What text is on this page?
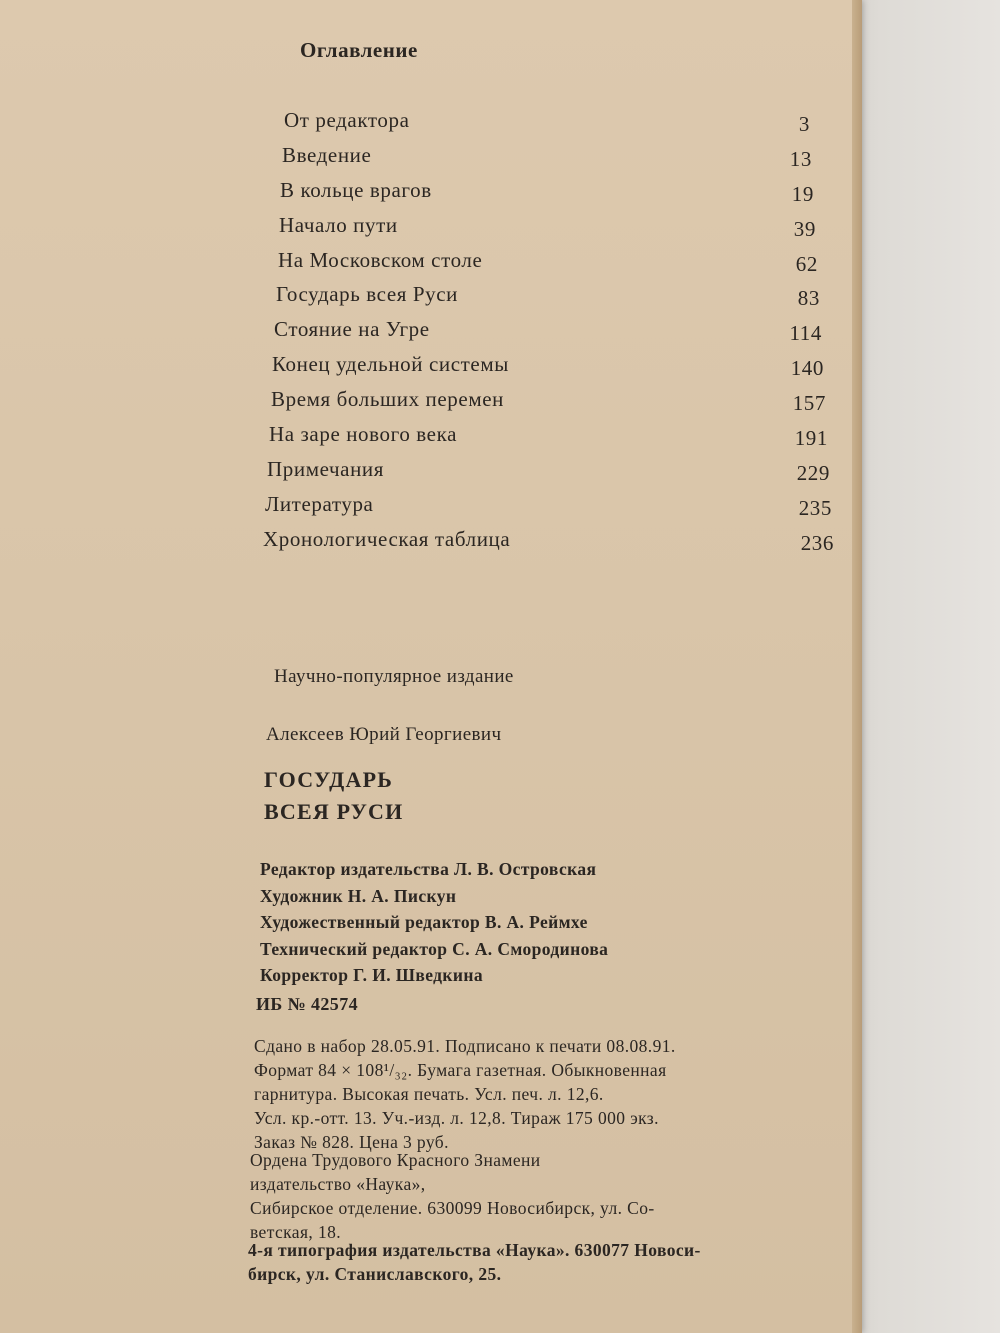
Оглавление
От редактора	3
Введение	13
В кольце врагов	19
Начало пути	39
На Московском столе	62
Государь всея Руси	83
Стояние на Угре	114
Конец удельной системы	140
Время больших перемен	157
На заре нового века	191
Примечания	229
Литература	235
Хронологическая таблица	236
Научно-популярное издание
Алексеев Юрий Георгиевич
ГОСУДАРЬ
ВСЕЯ РУСИ
Редактор издательства Л. В. Островская
Художник Н. А. Пискун
Художественный редактор В. А. Реймхе
Технический редактор С. А. Смородинова
Корректор Г. И. Шведкина
ИБ № 42574
Сдано в набор 28.05.91. Подписано к печати 08.08.91.
Формат 84 × 108¹/₃₂. Бумага газетная. Обыкновенная
гарнитура. Высокая печать. Усл. печ. л. 12,6.
Усл. кр.-отт. 13. Уч.-изд. л. 12,8. Тираж 175 000 экз.
Заказ № 828. Цена 3 руб.
Ордена Трудового Красного Знамени
издательство «Наука»,
Сибирское отделение. 630099 Новосибирск, ул. Со-
ветская, 18.
4-я типография издательства «Наука». 630077 Новоси-
бирск, ул. Станиславского, 25.
